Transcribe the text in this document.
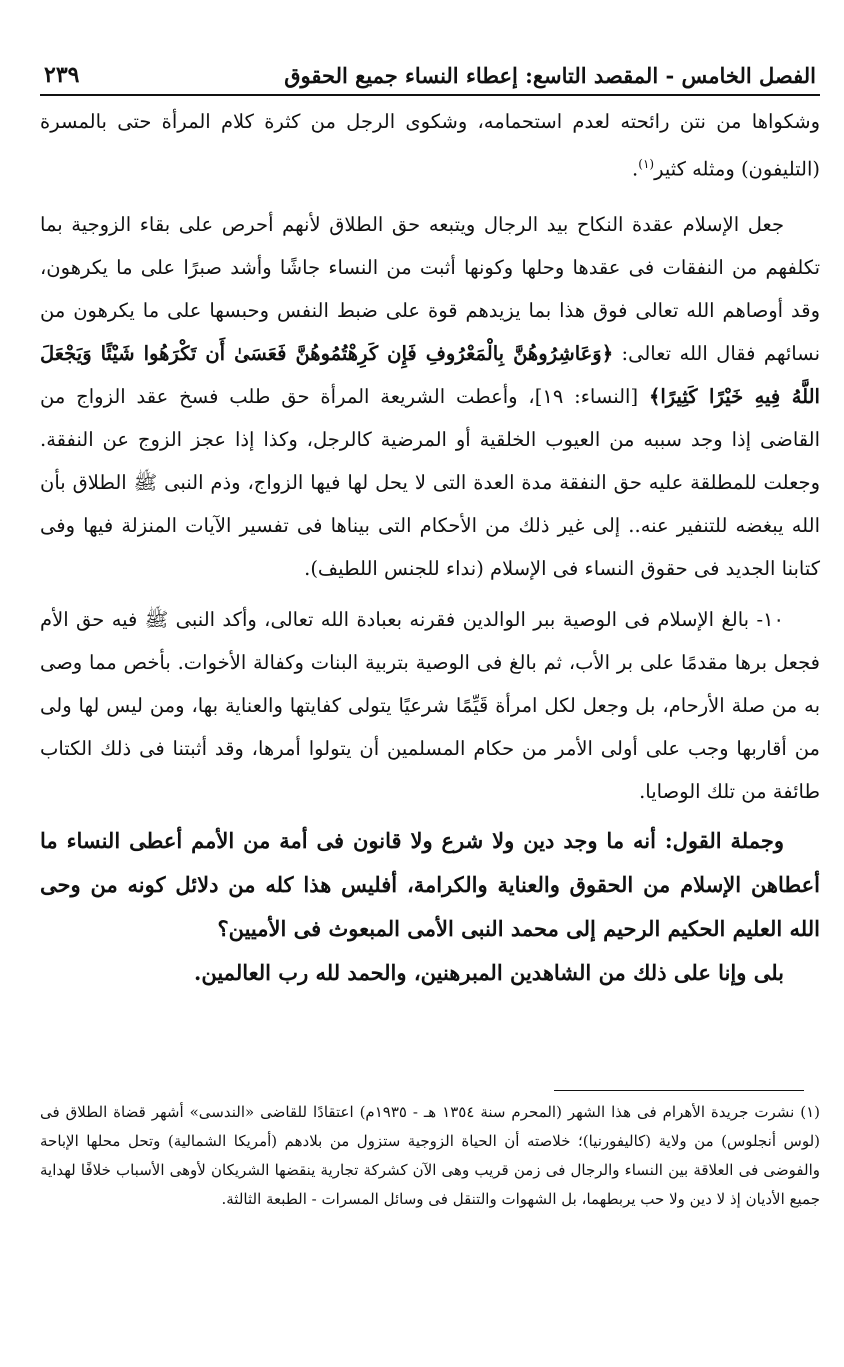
الفصل الخامس - المقصد التاسع: إعطاء النساء جميع الحقوق
٢٣٩

وشكواها من نتن رائحته لعدم استحمامه، وشكوى الرجل من كثرة كلام المرأة حتى بالمسرة (التليفون) ومثله كثير$^{(١)}$.

جعل الإسلام عقدة النكاح بيد الرجال ويتبعه حق الطلاق لأنهم أحرص على بقاء الزوجية بما تكلفهم من النفقات فى عقدها وحلها وكونها أثبت من النساء جاشًا وأشد صبرًا على ما يكرهون، وقد أوصاهم الله تعالى فوق هذا بما يزيدهم قوة على ضبط النفس وحبسها على ما يكرهون من نسائهم فقال الله تعالى: ﴿وَعَاشِرُوهُنَّ بِالْمَعْرُوفِ فَإِن كَرِهْتُمُوهُنَّ فَعَسَىٰ أَن تَكْرَهُوا شَيْئًا وَيَجْعَلَ اللَّهُ فِيهِ خَيْرًا كَثِيرًا﴾ [النساء: ١٩]، وأعطت الشريعة المرأة حق طلب فسخ عقد الزواج من القاضى إذا وجد سببه من العيوب الخلقية أو المرضية كالرجل، وكذا إذا عجز الزوج عن النفقة. وجعلت للمطلقة عليه حق النفقة مدة العدة التى لا يحل لها فيها الزواج، وذم النبى ﷺ الطلاق بأن الله يبغضه للتنفير عنه.. إلى غير ذلك من الأحكام التى بيناها فى تفسير الآيات المنزلة فيها وفى كتابنا الجديد فى حقوق النساء فى الإسلام (نداء للجنس اللطيف).

١٠- بالغ الإسلام فى الوصية ببر الوالدين فقرنه بعبادة الله تعالى، وأكد النبى ﷺ فيه حق الأم فجعل برها مقدمًا على بر الأب، ثم بالغ فى الوصية بتربية البنات وكفالة الأخوات. بأخص مما وصى به من صلة الأرحام، بل وجعل لكل امرأة قَيِّمًا شرعيًا يتولى كفايتها والعناية بها، ومن ليس لها ولى من أقاربها وجب على أولى الأمر من حكام المسلمين أن يتولوا أمرها، وقد أثبتنا فى ذلك الكتاب طائفة من تلك الوصايا.

وجملة القول: أنه ما وجد دين ولا شرع ولا قانون فى أمة من الأمم أعطى النساء ما أعطاهن الإسلام من الحقوق والعناية والكرامة، أفليس هذا كله من دلائل كونه من وحى الله العليم الحكيم الرحيم إلى محمد النبى الأمى المبعوث فى الأميين؟

بلى وإنا على ذلك من الشاهدين المبرهنين، والحمد لله رب العالمين.

(١) نشرت جريدة الأهرام فى هذا الشهر (المحرم سنة ١٣٥٤ هـ - ١٩٣٥م) اعتقادًا للقاضى «الندسى» أشهر قضاة الطلاق فى (لوس أنجلوس) من ولاية (كاليفورنيا)؛ خلاصته أن الحياة الزوجية ستزول من بلادهم (أمريكا الشمالية) وتحل محلها الإباحة والفوضى فى العلاقة بين النساء والرجال فى زمن قريب وهى الآن كشركة تجارية ينقضها الشريكان لأوهى الأسباب خلافًا لهداية جميع الأديان إذ لا دين ولا حب يربطهما، بل الشهوات والتنقل فى وسائل المسرات - الطبعة الثالثة.
